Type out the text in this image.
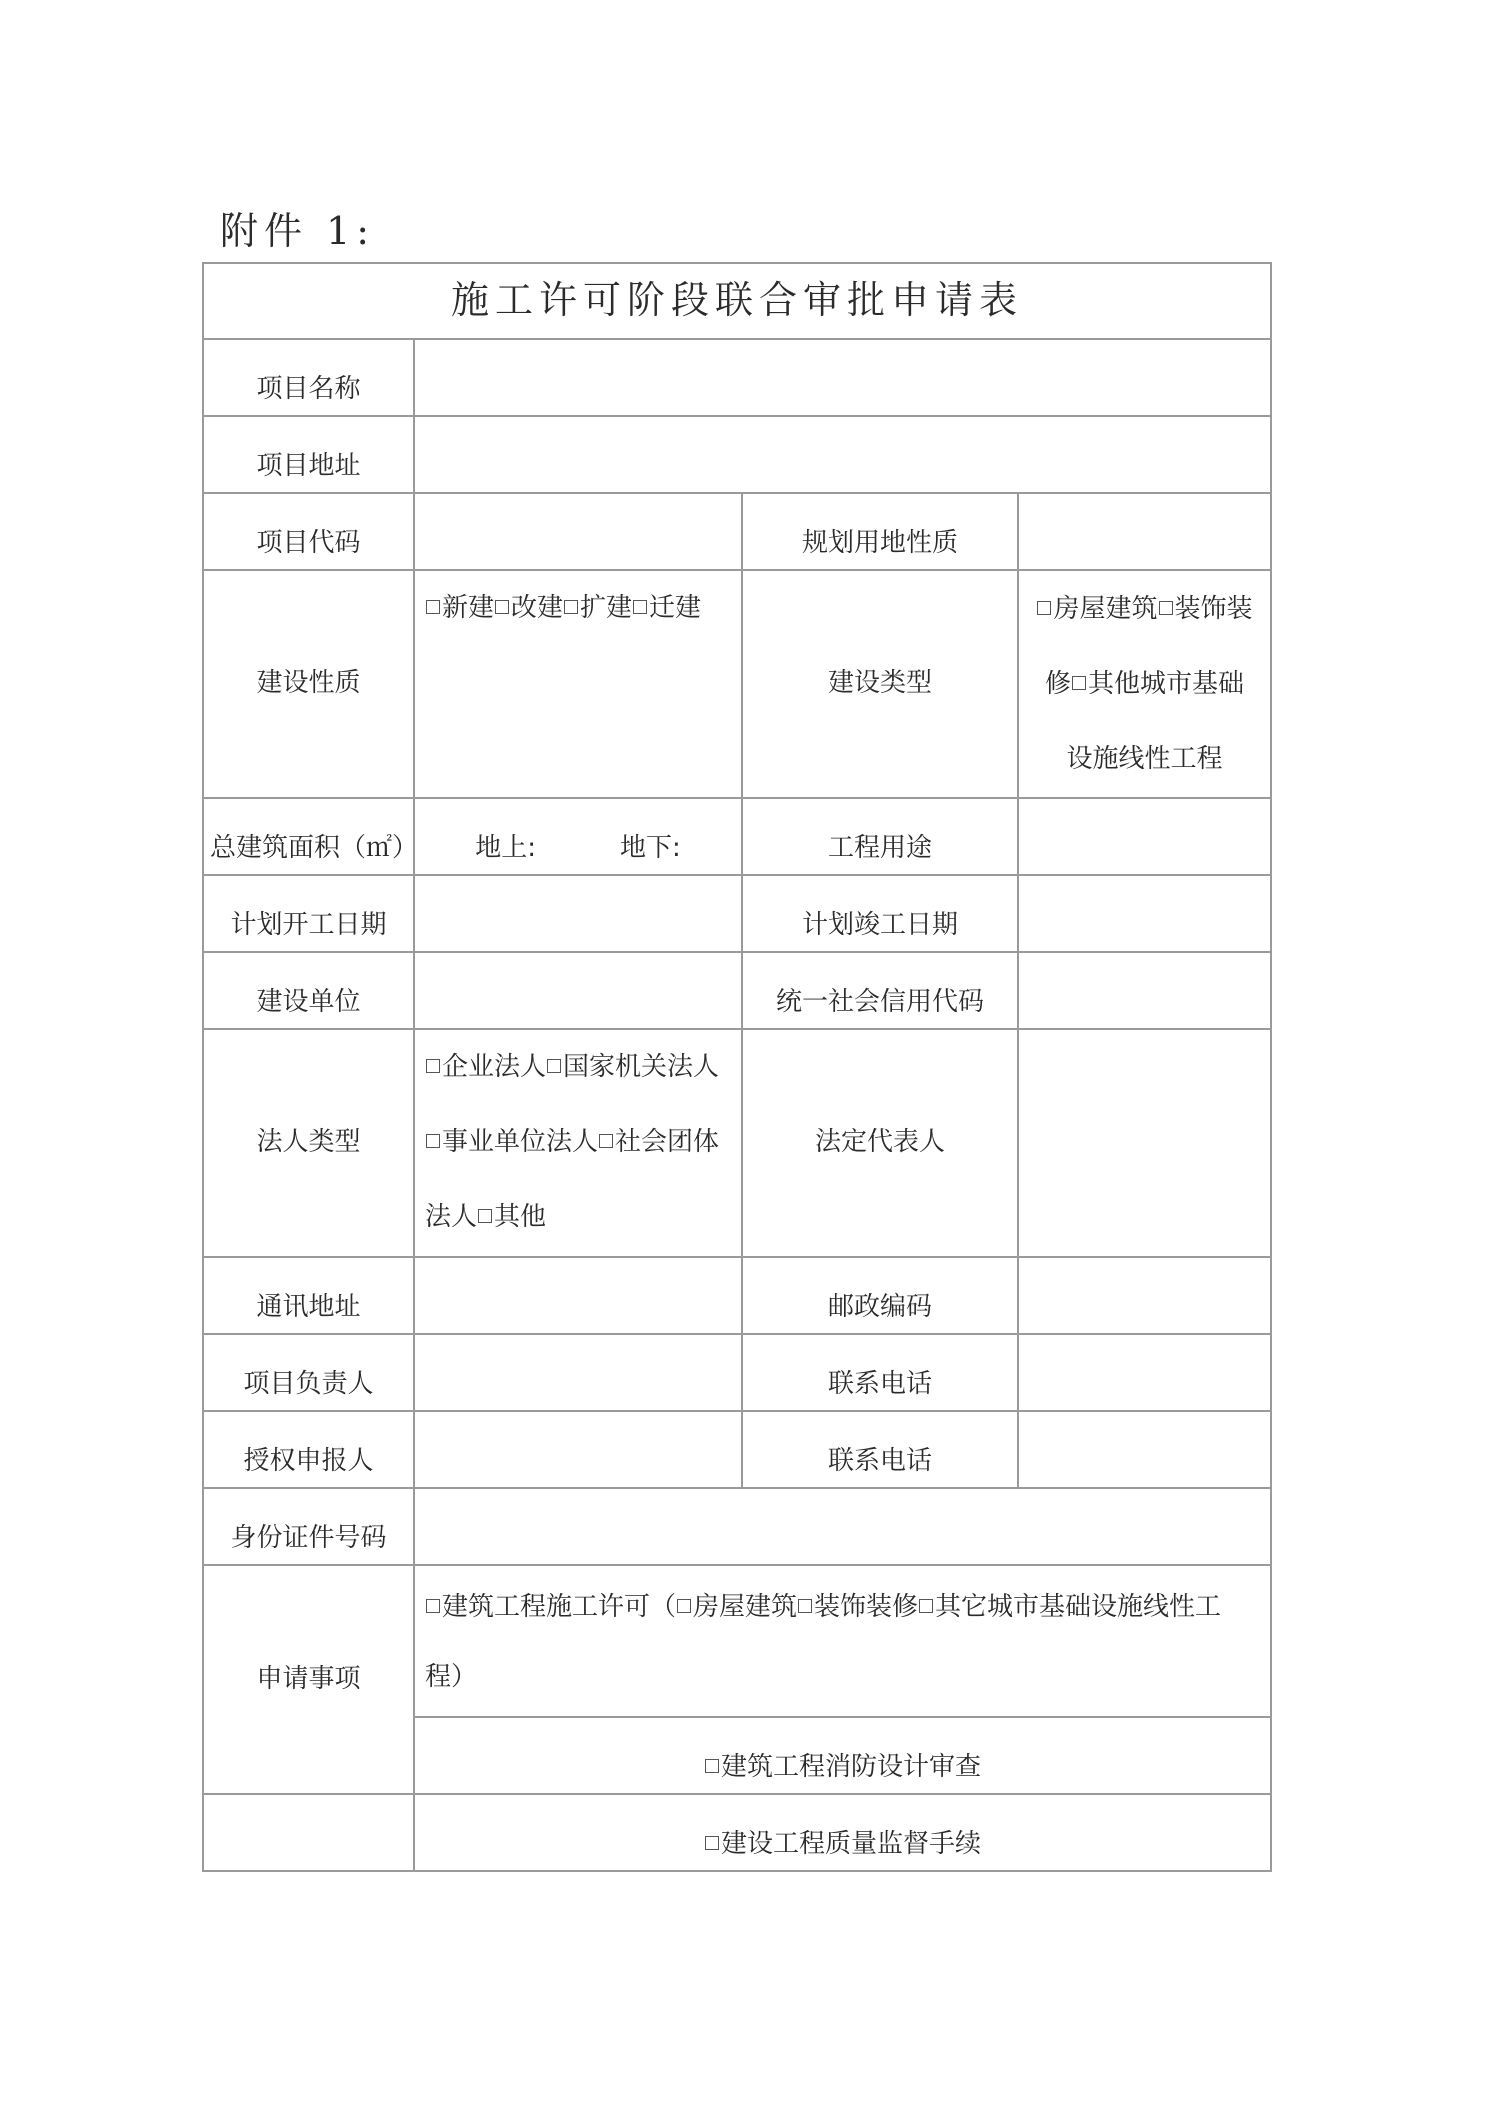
附件 1:
施工许可阶段联合审批申请表			
项目名称			
项目地址			
项目代码		规划用地性质	
建设性质	新建 改建 扩建 迁建	建设类型	房屋建筑 装饰装
修 其他城市基础
设施线性工程
总建筑面积（㎡）	地上: 地下:	工程用途	
计划开工日期		计划竣工日期	
建设单位		统一社会信用代码	
法人类型	企业法人 国家机关法人
事业单位法人 社会团体
法人 其他	法定代表人	
通讯地址		邮政编码	
项目负责人		联系电话	
授权申报人		联系电话	
身份证件号码			
申请事项	建筑工程施工许可（ 房屋建筑 装饰装修 其它城市基础设施线性工程）		
	建筑工程消防设计审查		
	建设工程质量监督手续		
